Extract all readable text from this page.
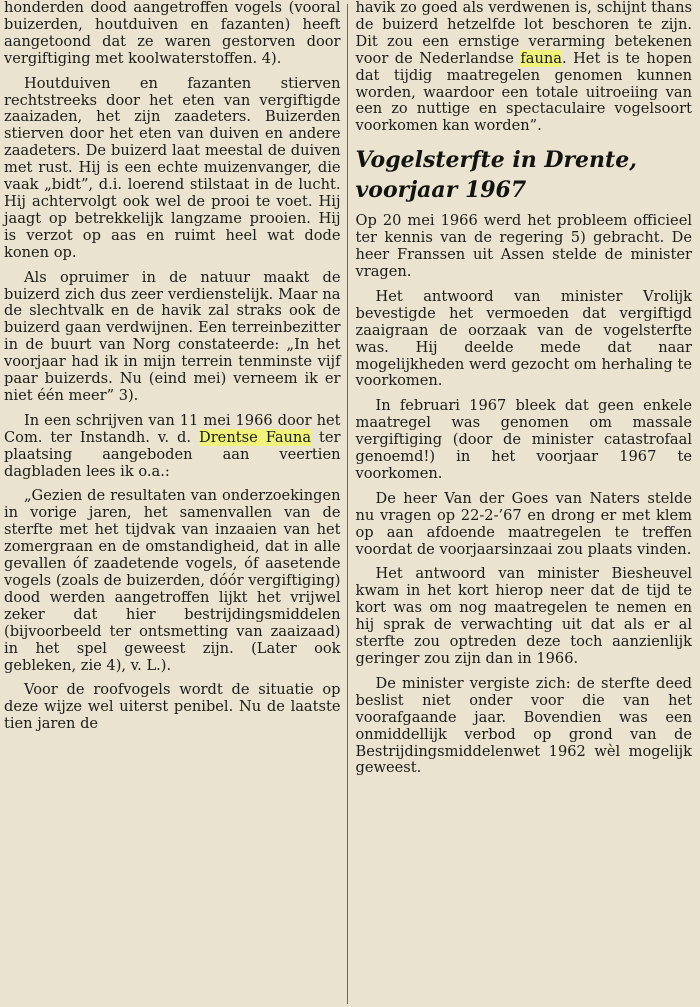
honderden dood aangetroffen vogels (vooral buizerden, houtduiven en fazanten) heeft aangetoond dat ze waren gestorven door vergiftiging met koolwaterstoffen. 4).

Houtduiven en fazanten stierven rechtstreeks door het eten van vergiftigde zaaizaden, het zijn zaadeters. Buizerden stierven door het eten van duiven en andere zaadeters. De buizerd laat meestal de duiven met rust. Hij is een echte muizenvanger, die vaak „bidt”, d.i. loerend stilstaat in de lucht. Hij achtervolgt ook wel de prooi te voet. Hij jaagt op betrekkelijk langzame prooien. Hij is verzot op aas en ruimt heel wat dode konen op.

Als opruimer in de natuur maakt de buizerd zich dus zeer verdienstelijk. Maar na de slechtvalk en de havik zal straks ook de buizerd gaan verdwijnen. Een terreinbezitter in de buurt van Norg constateerde: „In het voorjaar had ik in mijn terrein tenminste vijf paar buizerds. Nu (eind mei) verneem ik er niet één meer” 3).

In een schrijven van 11 mei 1966 door het Com. ter Instandh. v. d. Drentse Fauna ter plaatsing aangeboden aan veertien dagbladen lees ik o.a.:

„Gezien de resultaten van onderzoekingen in vorige jaren, het samenvallen van de sterfte met het tijdvak van inzaaien van het zomergraan en de omstandigheid, dat in alle gevallen óf zaadetende vogels, óf aasetende vogels (zoals de buizerden, dóór vergiftiging) dood werden aangetroffen lijkt het vrijwel zeker dat hier bestrijdingsmiddelen (bijvoorbeeld ter ontsmetting van zaaizaad) in het spel geweest zijn. (Later ook gebleken, zie 4), v. L.).

Voor de roofvogels wordt de situatie op deze wijze wel uiterst penibel. Nu de laatste tien jaren de

havik zo goed als verdwenen is, schijnt thans de buizerd hetzelfde lot beschoren te zijn. Dit zou een ernstige verarming betekenen voor de Nederlandse fauna. Het is te hopen dat tijdig maatregelen genomen kunnen worden, waardoor een totale uitroeiing van een zo nuttige en spectaculaire vogelsoort voorkomen kan worden”.

Vogelsterfte in Drente,
voorjaar 1967

Op 20 mei 1966 werd het probleem officieel ter kennis van de regering 5) gebracht. De heer Franssen uit Assen stelde de minister vragen.

Het antwoord van minister Vrolijk bevestigde het vermoeden dat vergiftigd zaaigraan de oorzaak van de vogelsterfte was. Hij deelde mede dat naar mogelijkheden werd gezocht om herhaling te voorkomen.

In februari 1967 bleek dat geen enkele maatregel was genomen om massale vergiftiging (door de minister catastrofaal genoemd!) in het voorjaar 1967 te voorkomen.

De heer Van der Goes van Naters stelde nu vragen op 22-2-’67 en drong er met klem op aan afdoende maatregelen te treffen voordat de voorjaarsinzaai zou plaats vinden.

Het antwoord van minister Biesheuvel kwam in het kort hierop neer dat de tijd te kort was om nog maatregelen te nemen en hij sprak de verwachting uit dat als er al sterfte zou optreden deze toch aanzienlijk geringer zou zijn dan in 1966.

De minister vergiste zich: de sterfte deed beslist niet onder voor die van het voorafgaande jaar. Bovendien was een onmiddellijk verbod op grond van de Bestrijdingsmiddelenwet 1962 wèl mogelijk geweest.
